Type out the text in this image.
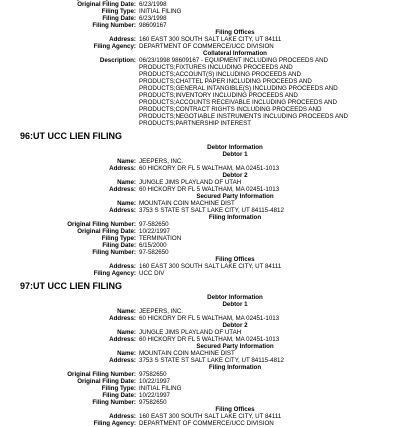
Original Filing Date: 6/23/1998
Filing Type: INITIAL FILING
Filing Date: 6/23/1998
Filing Number: 98609167
Filing Offices
Address: 160 EAST 300 SOUTH SALT LAKE CITY, UT 84111
Filing Agency: DEPARTMENT OF COMMERCE/UCC DIVISION
Collateral Information
Description: 06/23/1998 98609167 - EQUIPMENT INCLUDING PROCEEDS AND
PRODUCTS;FIXTURES INCLUDING PROCEEDS AND
PRODUCTS;ACCOUNT(S) INCLUDING PROCEEDS AND
PRODUCTS;CHATTEL PAPER INCLUDING PROCEEDS AND
PRODUCTS;GENERAL INTANGIBLE(S) INCLUDING PROCEEDS AND
PRODUCTS;INVENTORY INCLUDING PROCEEDS AND
PRODUCTS;ACCOUNTS RECEIVABLE INCLUDING PROCEEDS AND
PRODUCTS;CONTRACT RIGHTS INCLUDING PROCEEDS AND
PRODUCTS;NEGOTIABLE INSTRUMENTS INCLUDING PROCEEDS AND
PRODUCTS;PARTNERSHIP INTEREST
96:UT UCC LIEN FILING
Debtor Information
Debtor 1
Name: JEEPERS, INC.
Address: 60 HICKORY DR FL 5 WALTHAM, MA 02451-1013
Debtor 2
Name: JUNGLE JIMS PLAYLAND OF UTAH
Address: 60 HICKORY DR FL 5 WALTHAM, MA 02451-1013
Secured Party Information
Name: MOUNTAIN COIN MACHINE DIST
Address: 3753 S STATE ST SALT LAKE CITY, UT 84115-4812
Filing Information
Original Filing Number: 97-582650
Original Filing Date: 10/22/1997
Filing Type: TERMINATION
Filing Date: 6/15/2000
Filing Number: 97-582650
Filing Offices
Address: 160 EAST 300 SOUTH SALT LAKE CITY, UT 84111
Filing Agency: UCC DIV
97:UT UCC LIEN FILING
Debtor Information
Debtor 1
Name: JEEPERS, INC.
Address: 60 HICKORY DR FL 5 WALTHAM, MA 02451-1013
Debtor 2
Name: JUNGLE JIMS PLAYLAND OF UTAH
Address: 60 HICKORY DR FL 5 WALTHAM, MA 02451-1013
Secured Party Information
Name: MOUNTAIN COIN MACHINE DIST
Address: 3753 S STATE ST SALT LAKE CITY, UT 84115-4812
Filing Information
Original Filing Number: 97582650
Original Filing Date: 10/22/1997
Filing Type: INITIAL FILING
Filing Date: 10/22/1997
Filing Number: 97582650
Filing Offices
Address: 160 EAST 300 SOUTH SALT LAKE CITY, UT 84111
Filing Agency: DEPARTMENT OF COMMERCE/UCC DIVISION
